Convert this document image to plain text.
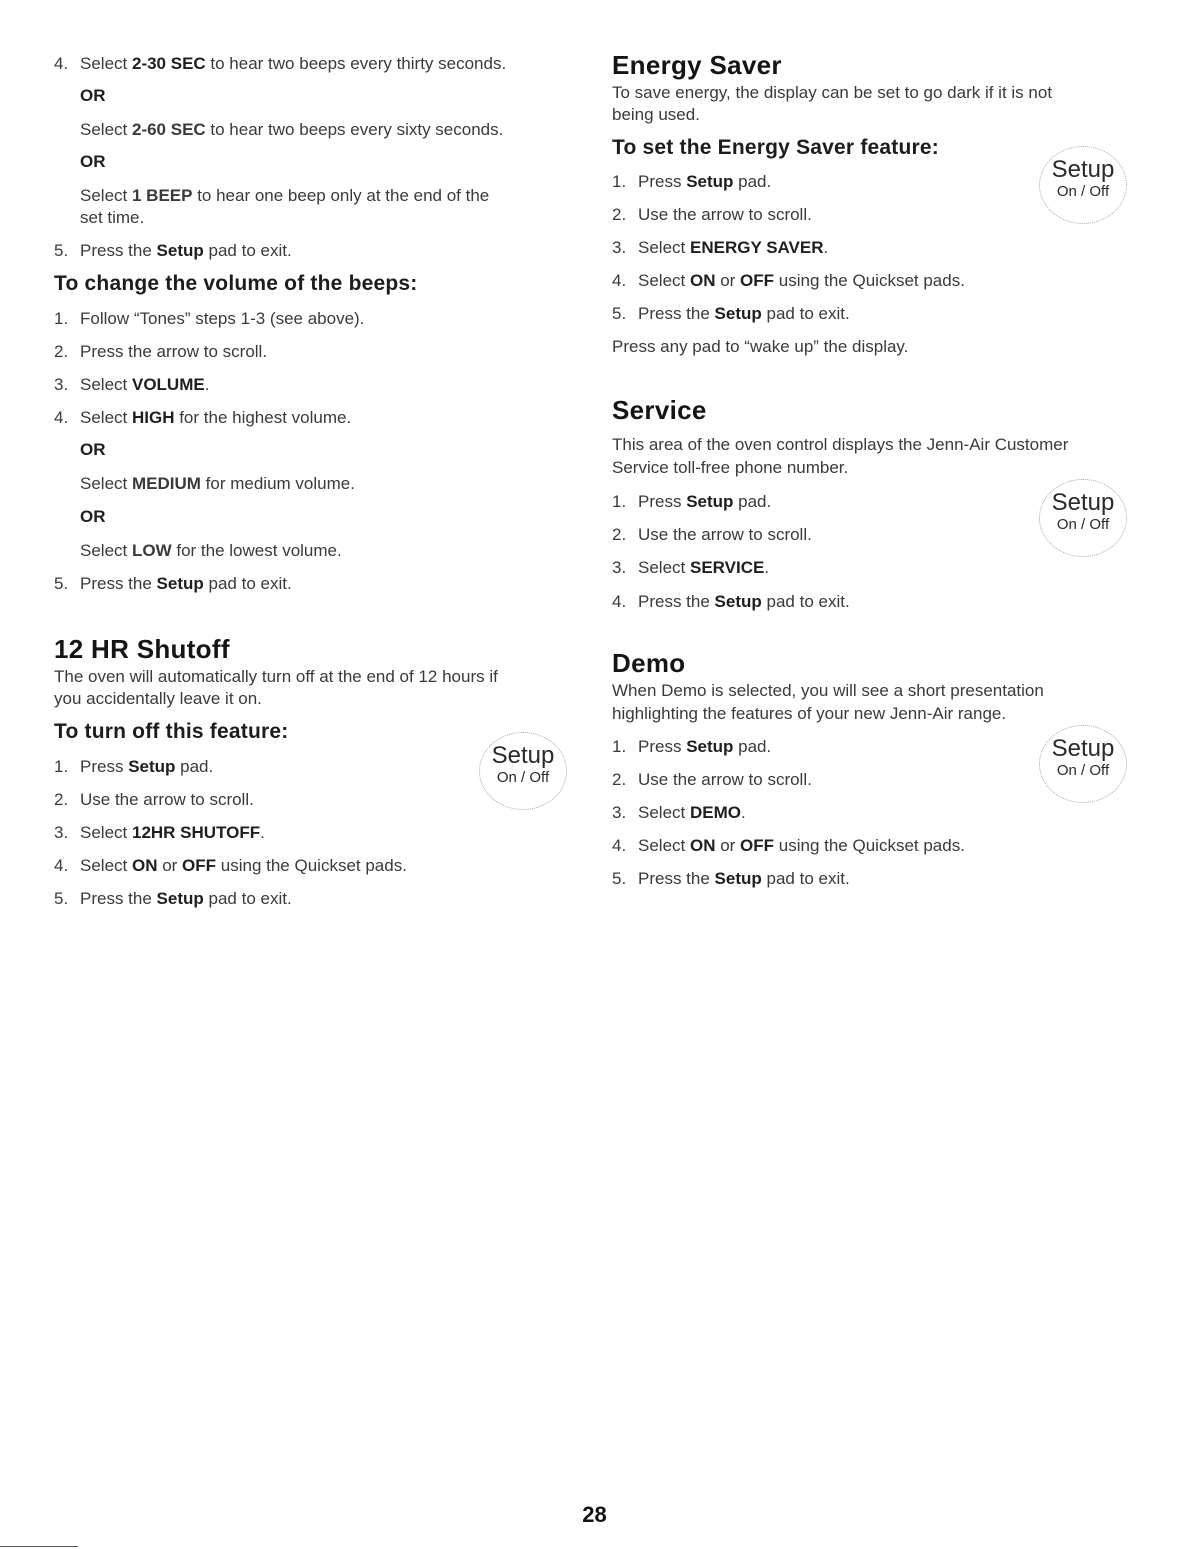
4. Select 2-30 SEC to hear two beeps every thirty seconds.
OR
Select 2-60 SEC to hear two beeps every sixty seconds.
OR
Select 1 BEEP to hear one beep only at the end of the
set time.
5. Press the Setup pad to exit.
To change the volume of the beeps:
1. Follow “Tones” steps 1-3 (see above).
2. Press the arrow to scroll.
3. Select VOLUME.
4. Select HIGH for the highest volume.
OR
Select MEDIUM for medium volume.
OR
Select LOW for the lowest volume.
5. Press the Setup pad to exit.
12 HR Shutoff
The oven will automatically turn off at the end of 12 hours if
you accidentally leave it on.
To turn off this feature:
1. Press Setup pad.
2. Use the arrow to scroll.
3. Select 12HR SHUTOFF.
4. Select ON or OFF using the Quickset pads.
5. Press the Setup pad to exit.
Setup
On / Off
Energy Saver
To save energy, the display can be set to go dark if it is not
being used.
To set the Energy Saver feature:
1. Press Setup pad.
2. Use the arrow to scroll.
3. Select ENERGY SAVER.
4. Select ON or OFF using the Quickset pads.
5. Press the Setup pad to exit.
Press any pad to “wake up” the display.
Setup
On / Off
Service
This area of the oven control displays the Jenn-Air Customer
Service toll-free phone number.
1. Press Setup pad.
2. Use the arrow to scroll.
3. Select SERVICE.
4. Press the Setup pad to exit.
Setup
On / Off
Demo
When Demo is selected, you will see a short presentation
highlighting the features of your new Jenn-Air range.
1. Press Setup pad.
2. Use the arrow to scroll.
3. Select DEMO.
4. Select ON or OFF using the Quickset pads.
5. Press the Setup pad to exit.
Setup
On / Off
28
